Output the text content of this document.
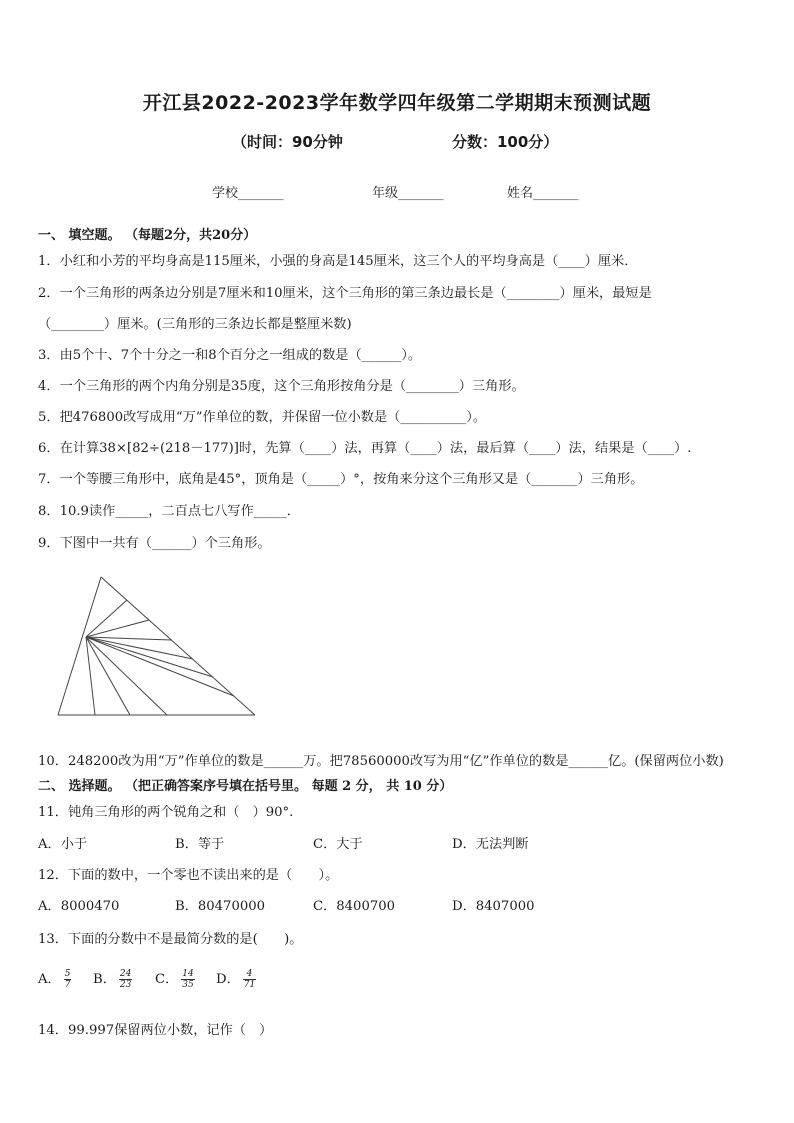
开江县2022-2023学年数学四年级第二学期期末预测试题
（时间：90分钟	分数：100分）
学校_______	年级_______	姓名_______
一、 填空题。 （每题2分，共20分）
1．小红和小芳的平均身高是115厘米，小强的身高是145厘米，这三个人的平均身高是（____）厘米．
2．一个三角形的两条边分别是7厘米和10厘米，这个三角形的第三条边最长是（________）厘米，最短是
（________）厘米。(三角形的三条边长都是整厘米数)
3．由5个十、7个十分之一和8个百分之一组成的数是（______）。
4．一个三角形的两个内角分别是35度，这个三角形按角分是（________）三角形。
5．把476800改写成用“万”作单位的数，并保留一位小数是（__________）。
6．在计算38×[82÷(218－177)]时，先算（____）法，再算（____）法，最后算（____）法，结果是（____）.
7．一个等腰三角形中，底角是45°，顶角是（_____）°，按角来分这个三角形又是（_______）三角形。
8．10.9读作_____，二百点七八写作_____．
9．下图中一共有（______）个三角形。
10．248200改为用“万”作单位的数是______万。把78560000改写为用“亿”作单位的数是______亿。(保留两位小数)
二、 选择题。 （把正确答案序号填在括号里。 每题 2 分， 共 10 分）
11．钝角三角形的两个锐角之和（　）90°.
A．小于	B．等于	C．大于	D．无法判断
12．下面的数中，一个零也不读出来的是（　　）。
A．8000470	B．80470000	C．8400700	D．8407000
13．下面的分数中不是最简分数的是(　　)。
A． $\frac{5}{7}$ B． $\frac{24}{23}$ C． $\frac{14}{35}$ D． $\frac{4}{71}$
14．99.997保留两位小数，记作（　）
